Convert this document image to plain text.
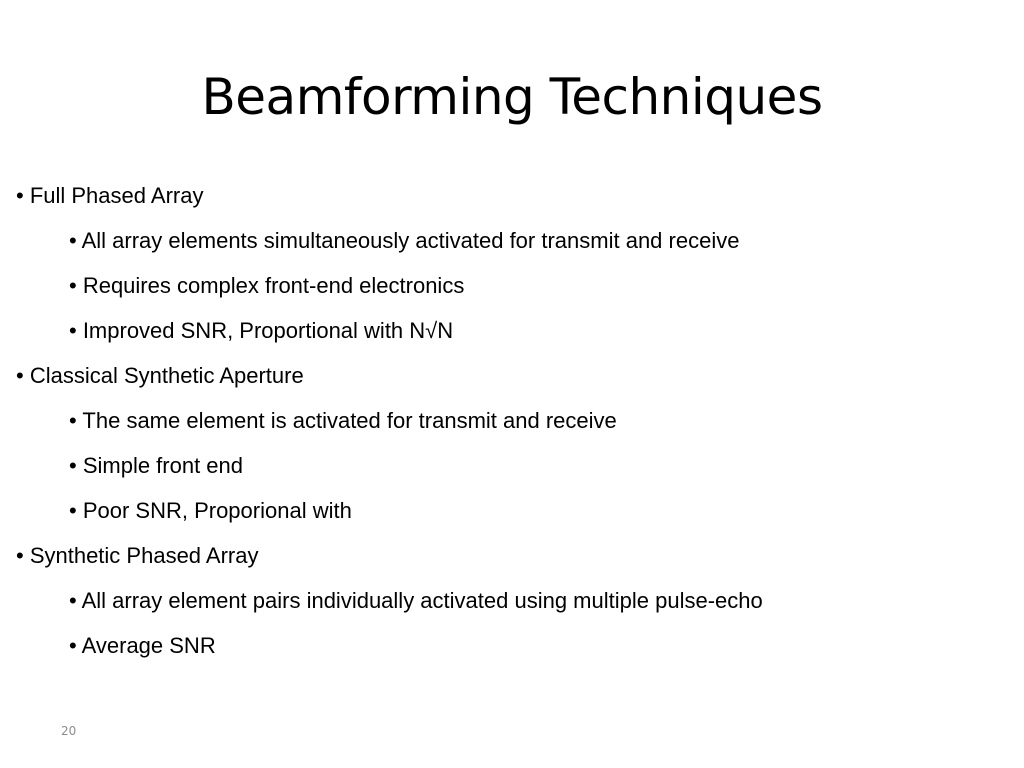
Beamforming Techniques
• Full Phased Array
• All array elements simultaneously activated for transmit and receive
• Requires complex front-end electronics
• Improved SNR, Proportional with N√N
• Classical Synthetic Aperture
• The same element is activated for transmit and receive
• Simple front end
• Poor SNR, Proporional with
• Synthetic Phased Array
• All array element pairs individually activated using multiple pulse-echo
• Average SNR
20
